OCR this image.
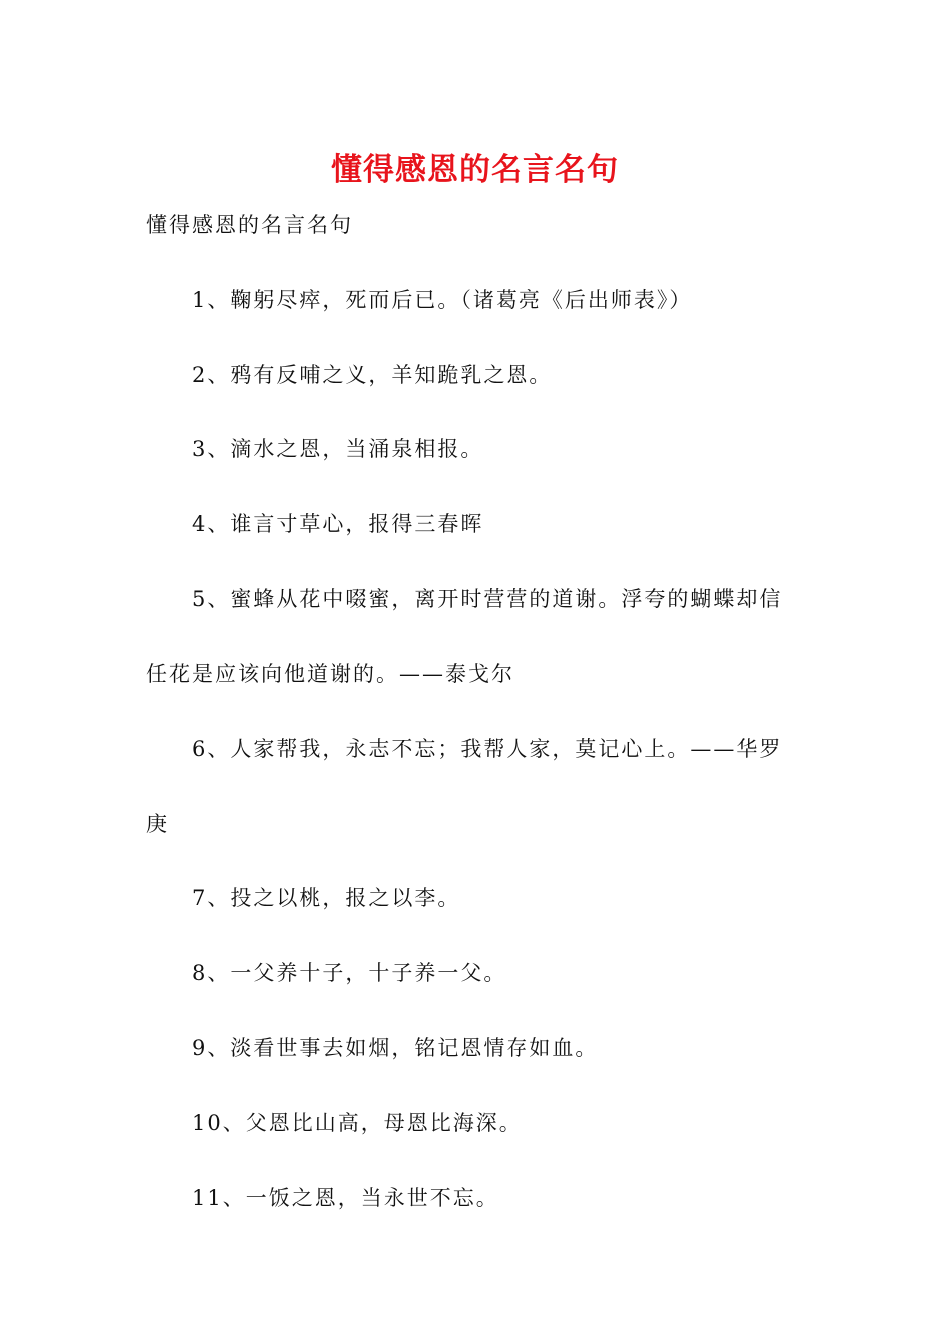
懂得感恩的名言名句
懂得感恩的名言名句
1、鞠躬尽瘁，死而后已。（诸葛亮《后出师表》）
2、鸦有反哺之义，羊知跪乳之恩。
3、滴水之恩，当涌泉相报。
4、谁言寸草心，报得三春晖
5、蜜蜂从花中啜蜜，离开时营营的道谢。浮夸的蝴蝶却信
任花是应该向他道谢的。——泰戈尔
6、人家帮我，永志不忘；我帮人家，莫记心上。——华罗
庚
7、投之以桃，报之以李。
8、一父养十子，十子养一父。
9、淡看世事去如烟，铭记恩情存如血。
10、父恩比山高，母恩比海深。
11、一饭之恩，当永世不忘。
